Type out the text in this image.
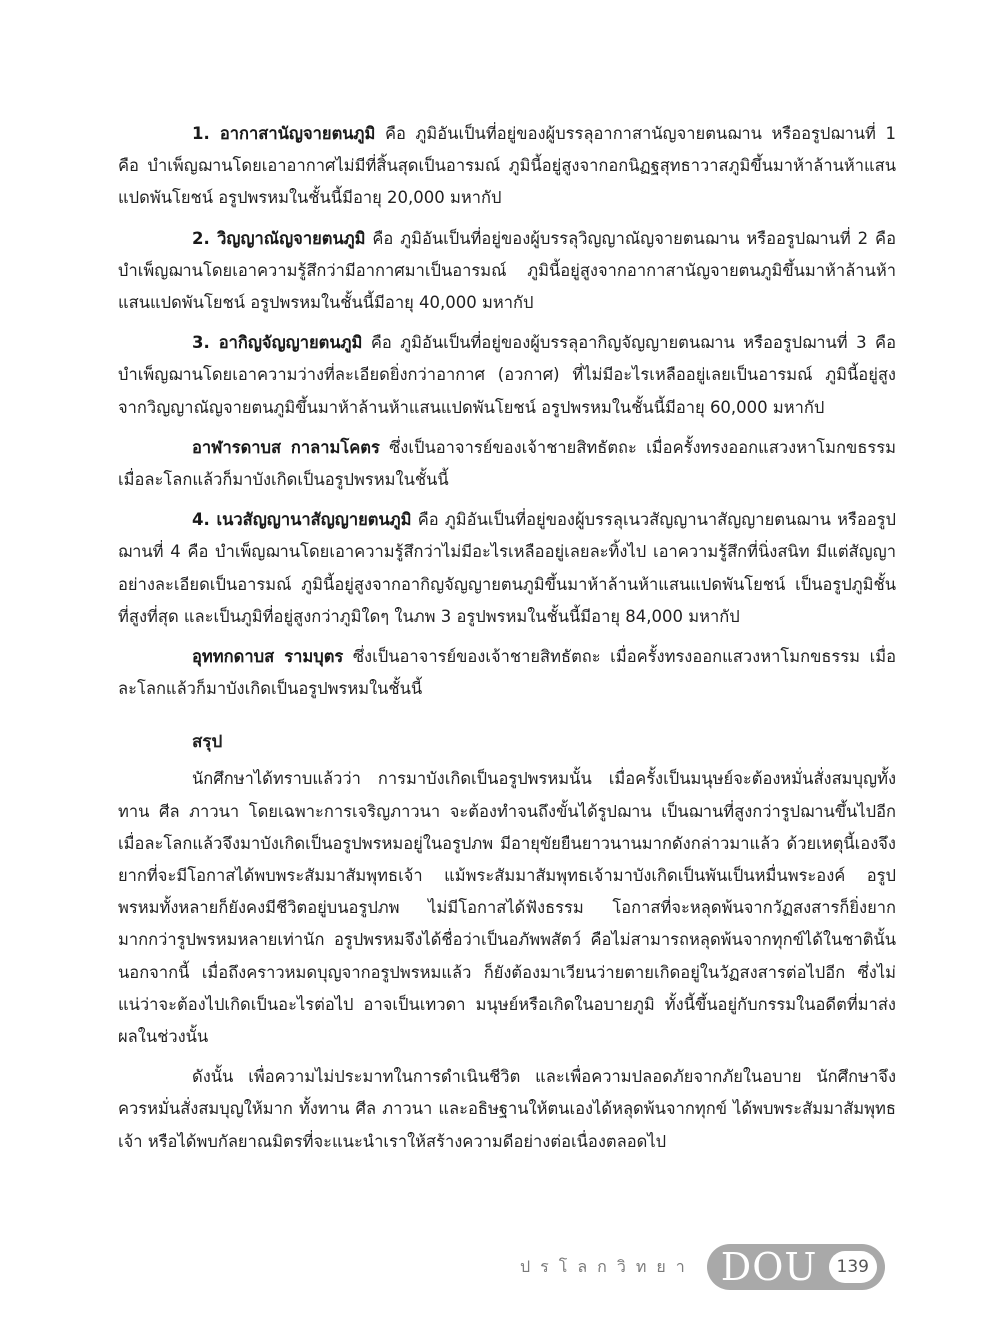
1. อากาสานัญจายตนภูมิ คือ ภูมิอันเป็นที่อยู่ของผู้บรรลุอากาสานัญจายตนฌาน หรืออรูปฌานที่ 1 คือ บำเพ็ญฌานโดยเอาอากาศไม่มีที่สิ้นสุดเป็นอารมณ์ ภูมินี้อยู่สูงจากอกนิฏฐสุทธาวาสภูมิขึ้นมาห้าล้านห้าแสนแปดพันโยชน์ อรูปพรหมในชั้นนี้มีอายุ 20,000 มหากัป

2. วิญญาณัญจายตนภูมิ คือ ภูมิอันเป็นที่อยู่ของผู้บรรลุวิญญาณัญจายตนฌาน หรืออรูปฌานที่ 2 คือ บำเพ็ญฌานโดยเอาความรู้สึกว่ามีอากาศมาเป็นอารมณ์ ภูมินี้อยู่สูงจากอากาสานัญจายตนภูมิขึ้นมาห้าล้านห้าแสนแปดพันโยชน์ อรูปพรหมในชั้นนี้มีอายุ 40,000 มหากัป

3. อากิญจัญญายตนภูมิ คือ ภูมิอันเป็นที่อยู่ของผู้บรรลุอากิญจัญญายตนฌาน หรืออรูปฌานที่ 3 คือ บำเพ็ญฌานโดยเอาความว่างที่ละเอียดยิ่งกว่าอากาศ (อวกาศ) ที่ไม่มีอะไรเหลืออยู่เลยเป็นอารมณ์ ภูมินี้อยู่สูงจากวิญญาณัญจายตนภูมิขึ้นมาห้าล้านห้าแสนแปดพันโยชน์ อรูปพรหมในชั้นนี้มีอายุ 60,000 มหากัป

อาฬารดาบส กาลามโคตร ซึ่งเป็นอาจารย์ของเจ้าชายสิทธัตถะ เมื่อครั้งทรงออกแสวงหาโมกขธรรม เมื่อละโลกแล้วก็มาบังเกิดเป็นอรูปพรหมในชั้นนี้

4. เนวสัญญานาสัญญายตนภูมิ คือ ภูมิอันเป็นที่อยู่ของผู้บรรลุเนวสัญญานาสัญญายตนฌาน หรืออรูปฌานที่ 4 คือ บำเพ็ญฌานโดยเอาความรู้สึกว่าไม่มีอะไรเหลืออยู่เลยละทิ้งไป เอาความรู้สึกที่นิ่งสนิท มีแต่สัญญาอย่างละเอียดเป็นอารมณ์ ภูมินี้อยู่สูงจากอากิญจัญญายตนภูมิขึ้นมาห้าล้านห้าแสนแปดพันโยชน์ เป็นอรูปภูมิชั้นที่สูงที่สุด และเป็นภูมิที่อยู่สูงกว่าภูมิใดๆ ในภพ 3 อรูปพรหมในชั้นนี้มีอายุ 84,000 มหากัป

อุททกดาบส รามบุตร ซึ่งเป็นอาจารย์ของเจ้าชายสิทธัตถะ เมื่อครั้งทรงออกแสวงหาโมกขธรรม เมื่อละโลกแล้วก็มาบังเกิดเป็นอรูปพรหมในชั้นนี้

สรุป

นักศึกษาได้ทราบแล้วว่า การมาบังเกิดเป็นอรูปพรหมนั้น เมื่อครั้งเป็นมนุษย์จะต้องหมั่นสั่งสมบุญทั้งทาน ศีล ภาวนา โดยเฉพาะการเจริญภาวนา จะต้องทำจนถึงขั้นได้รูปฌาน เป็นฌานที่สูงกว่ารูปฌานขึ้นไปอีก เมื่อละโลกแล้วจึงมาบังเกิดเป็นอรูปพรหมอยู่ในอรูปภพ มีอายุขัยยืนยาวนานมากดังกล่าวมาแล้ว ด้วยเหตุนี้เองจึงยากที่จะมีโอกาสได้พบพระสัมมาสัมพุทธเจ้า แม้พระสัมมาสัมพุทธเจ้ามาบังเกิดเป็นพันเป็นหมื่นพระองค์ อรูปพรหมทั้งหลายก็ยังคงมีชีวิตอยู่บนอรูปภพ ไม่มีโอกาสได้ฟังธรรม โอกาสที่จะหลุดพ้นจากวัฏสงสารก็ยิ่งยากมากกว่ารูปพรหมหลายเท่านัก อรูปพรหมจึงได้ชื่อว่าเป็นอภัพพสัตว์ คือไม่สามารถหลุดพ้นจากทุกข์ได้ในชาตินั้น นอกจากนี้ เมื่อถึงคราวหมดบุญจากอรูปพรหมแล้ว ก็ยังต้องมาเวียนว่ายตายเกิดอยู่ในวัฏสงสารต่อไปอีก ซึ่งไม่แน่ว่าจะต้องไปเกิดเป็นอะไรต่อไป อาจเป็นเทวดา มนุษย์หรือเกิดในอบายภูมิ ทั้งนี้ขึ้นอยู่กับกรรมในอดีตที่มาส่งผลในช่วงนั้น

ดังนั้น เพื่อความไม่ประมาทในการดำเนินชีวิต และเพื่อความปลอดภัยจากภัยในอบาย นักศึกษาจึงควรหมั่นสั่งสมบุญให้มาก ทั้งทาน ศีล ภาวนา และอธิษฐานให้ตนเองได้หลุดพ้นจากทุกข์ ได้พบพระสัมมาสัมพุทธเจ้า หรือได้พบกัลยาณมิตรที่จะแนะนำเราให้สร้างความดีอย่างต่อเนื่องตลอดไป

ปรโลกวิทยา DOU	139
